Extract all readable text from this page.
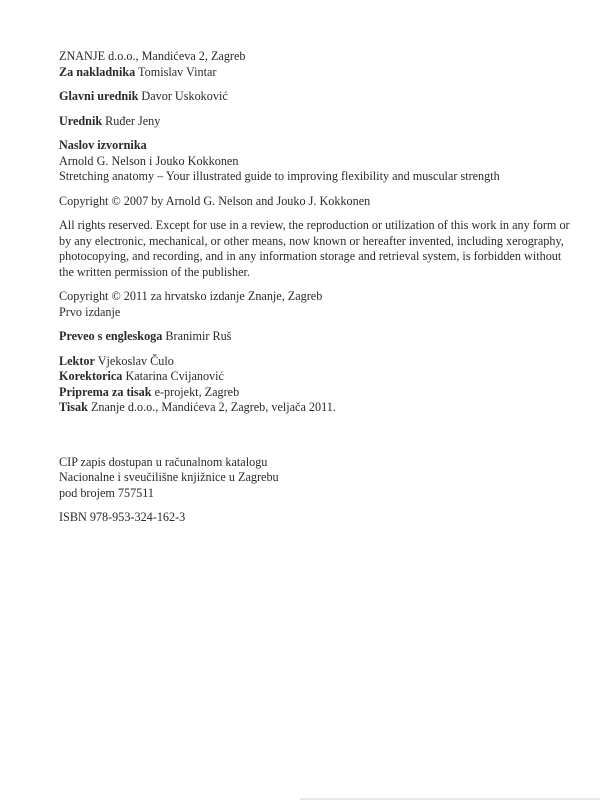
ZNANJE d.o.o., Mandićeva 2, Zagreb
Za nakladnika Tomislav Vintar
Glavni urednik Davor Uskoković
Urednik Ruđer Jeny
Naslov izvornika
Arnold G. Nelson i Jouko Kokkonen
Stretching anatomy – Your illustrated guide to improving flexibility and muscular strength
Copyright © 2007 by Arnold G. Nelson and Jouko J. Kokkonen
All rights reserved. Except for use in a review, the reproduction or utilization of this work in any form or
by any electronic, mechanical, or other means, now known or hereafter invented, including xerography,
photocopying, and recording, and in any information storage and retrieval system, is forbidden without
the written permission of the publisher.
Copyright © 2011 za hrvatsko izdanje Znanje, Zagreb
Prvo izdanje
Preveo s engleskoga Branimir Ruš
Lektor Vjekoslav Čulo
Korektorica Katarina Cvijanović
Priprema za tisak e-projekt, Zagreb
Tisak Znanje d.o.o., Mandićeva 2, Zagreb, veljača 2011.
CIP zapis dostupan u računalnom katalogu
Nacionalne i sveučilišne knjižnice u Zagrebu
pod brojem 757511
ISBN 978-953-324-162-3
